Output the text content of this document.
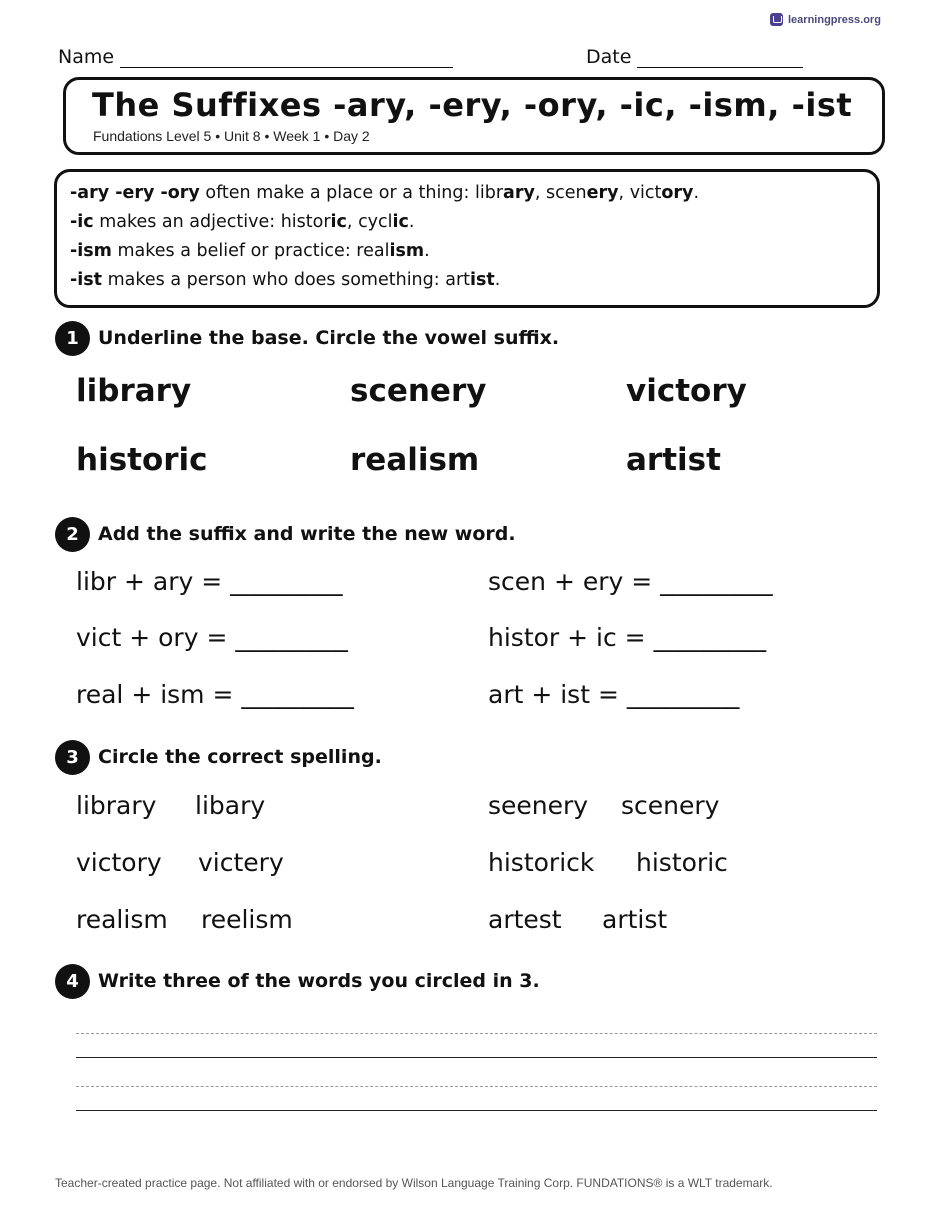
learningpress.org
Name	Date
The Suffixes -ary, -ery, -ory, -ic, -ism, -ist
Fundations Level 5 • Unit 8 • Week 1 • Day 2
-ary -ery -ory often make a place or a thing: library, scenery, victory.
-ic makes an adjective: historic, cyclic.
-ism makes a belief or practice: realism.
-ist makes a person who does something: artist.
1	Underline the base. Circle the vowel suffix.
library	scenery	victory
historic	realism	artist
2	Add the suffix and write the new word.
libr + ary = _________	scen + ery = _________
vict + ory = _________	histor + ic = _________
real + ism = _________	art + ist = _________
3	Circle the correct spelling.
library libary	seenery scenery
victory victery	historick historic
realism reelism	artest artist
4	Write three of the words you circled in 3.
Teacher-created practice page. Not affiliated with or endorsed by Wilson Language Training Corp. FUNDATIONS® is a WLT trademark.
